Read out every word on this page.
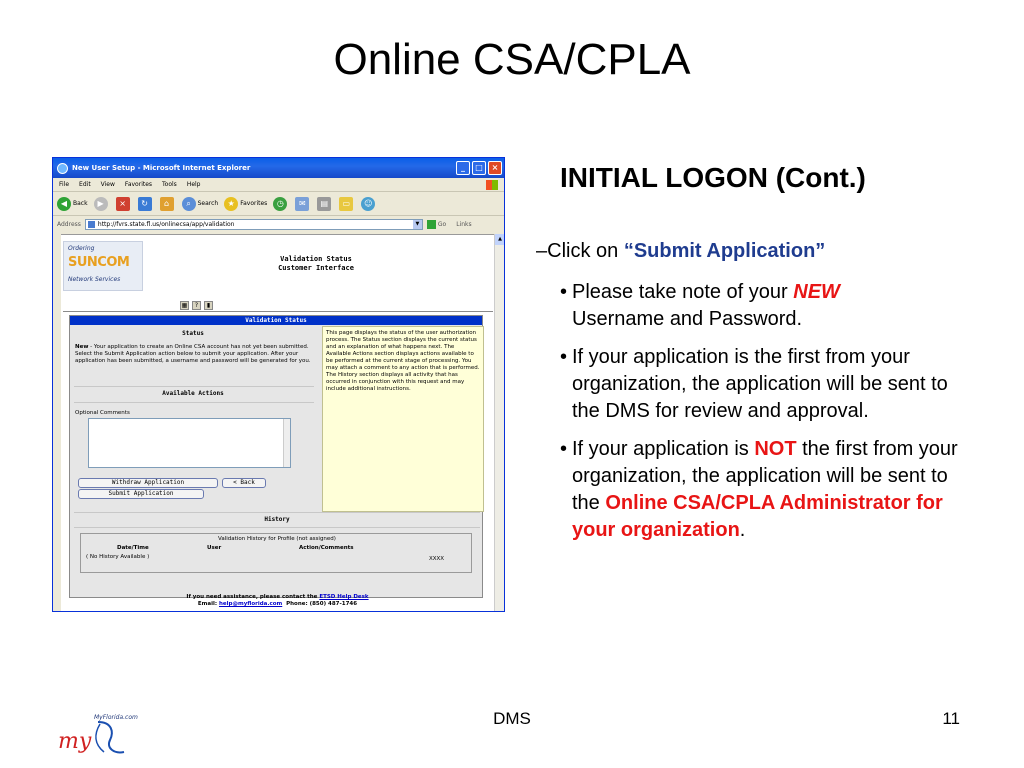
Online CSA/CPLA
New User Setup - Microsoft Internet Explorer	_	□	×
File Edit View Favorites Tools Help
◀ Back	▶	×	↻	⌂	⌕	Search	★ Favorites	◷	✉	▤	▭	☺
Address	http://fvrs.state.fl.us/onlinecsa/app/validation	▼	Go Links
Ordering
SUNCOM
Network Services
Validation Status
Customer Interface
▦	?	▮
Validation Status
Status
New - Your application to create an Online CSA account has not yet been submitted. Select the Submit Application action below to submit your application. After your application has been submitted, a username and password will be generated for you.
Available Actions
Optional Comments
Withdraw Application	< Back
Submit Application
This page displays the status of the user authorization process. The Status section displays the current status and an explanation of what happens next. The Available Actions section displays actions available to be performed at the current stage of processing. You may attach a comment to any action that is performed. The History section displays all activity that has occurred in conjunction with this request and may include additional instructions.
History
Validation History for Profile (not assigned)
Date/Time	User	Action/Comments
( No History Available )	XXXX
If you need assistance, please contact the ETSD Help Desk
Email: help@myflorida.com Phone: (850) 487-1746
▲
INITIAL LOGON (Cont.)
–Click on “Submit Application”
• Please take note of your NEW
Username and Password.
• If your application is the first from your organization, the application will be sent to the DMS for review and approval.
• If your application is NOT the first from your organization, the application will be sent to the Online CSA/CPLA Administrator for your organization.
MyFlorida.com
my
DMS	11
